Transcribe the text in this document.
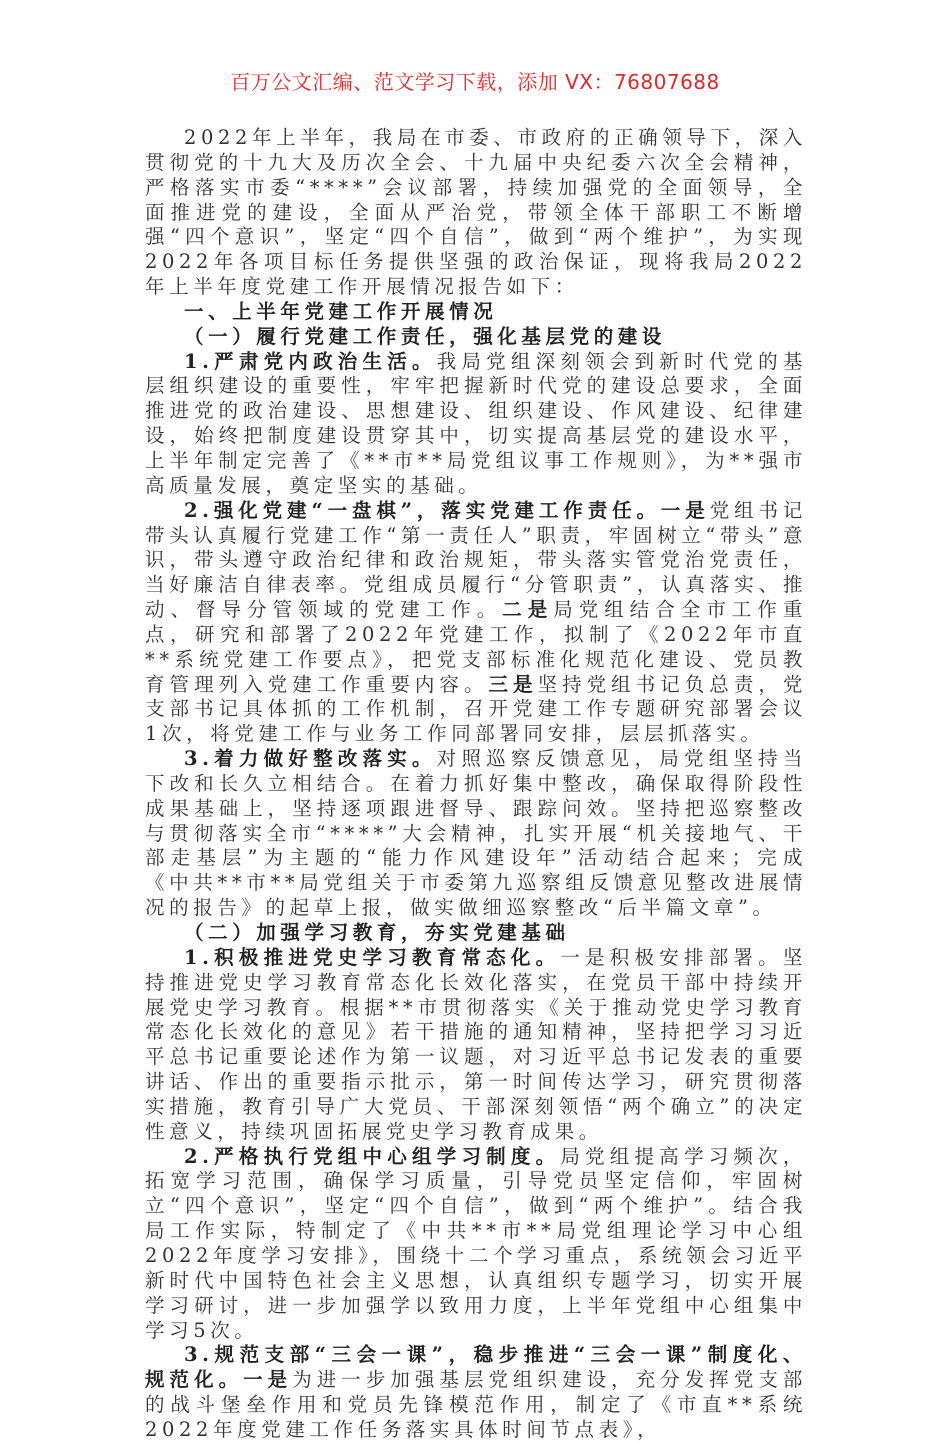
百万公文汇编、范文学习下载，添加 VX：76807688

2022年上半年，我局在市委、市政府的正确领导下，深入贯彻党的十九大及历次全会、十九届中央纪委六次全会精神，严格落实市委“****”会议部署，持续加强党的全面领导，全面推进党的建设，全面从严治党，带领全体干部职工不断增强“四个意识”，坚定“四个自信”，做到“两个维护”，为实现2022年各项目标任务提供坚强的政治保证，现将我局2022年上半年度党建工作开展情况报告如下：

一、上半年党建工作开展情况

（一）履行党建工作责任，强化基层党的建设

1.严肃党内政治生活。我局党组深刻领会到新时代党的基层组织建设的重要性，牢牢把握新时代党的建设总要求，全面推进党的政治建设、思想建设、组织建设、作风建设、纪律建设，始终把制度建设贯穿其中，切实提高基层党的建设水平，上半年制定完善了《**市**局党组议事工作规则》，为**强市高质量发展，奠定坚实的基础。

2.强化党建“一盘棋”，落实党建工作责任。一是党组书记带头认真履行党建工作“第一责任人”职责，牢固树立“带头”意识，带头遵守政治纪律和政治规矩，带头落实管党治党责任，当好廉洁自律表率。党组成员履行“分管职责”，认真落实、推动、督导分管领域的党建工作。二是局党组结合全市工作重点，研究和部署了2022年党建工作，拟制了《2022年市直**系统党建工作要点》，把党支部标准化规范化建设、党员教育管理列入党建工作重要内容。三是坚持党组书记负总责，党支部书记具体抓的工作机制，召开党建工作专题研究部署会议1次，将党建工作与业务工作同部署同安排，层层抓落实。

3.着力做好整改落实。对照巡察反馈意见，局党组坚持当下改和长久立相结合。在着力抓好集中整改，确保取得阶段性成果基础上，坚持逐项跟进督导、跟踪问效。坚持把巡察整改与贯彻落实全市“****”大会精神，扎实开展“机关接地气、干部走基层”为主题的“能力作风建设年”活动结合起来；完成《中共**市**局党组关于市委第九巡察组反馈意见整改进展情况的报告》的起草上报，做实做细巡察整改“后半篇文章”。

（二）加强学习教育，夯实党建基础

1.积极推进党史学习教育常态化。一是积极安排部署。坚持推进党史学习教育常态化长效化落实，在党员干部中持续开展党史学习教育。根据**市贯彻落实《关于推动党史学习教育常态化长效化的意见》若干措施的通知精神，坚持把学习习近平总书记重要论述作为第一议题，对习近平总书记发表的重要讲话、作出的重要指示批示，第一时间传达学习，研究贯彻落实措施，教育引导广大党员、干部深刻领悟“两个确立”的决定性意义，持续巩固拓展党史学习教育成果。

2.严格执行党组中心组学习制度。局党组提高学习频次，拓宽学习范围，确保学习质量，引导党员坚定信仰，牢固树立“四个意识”，坚定“四个自信”，做到“两个维护”。结合我局工作实际，特制定了《中共**市**局党组理论学习中心组2022年度学习安排》，围绕十二个学习重点，系统领会习近平新时代中国特色社会主义思想，认真组织专题学习，切实开展学习研讨，进一步加强学以致用力度，上半年党组中心组集中学习5次。

3.规范支部“三会一课”，稳步推进“三会一课”制度化、规范化。一是为进一步加强基层党组织建设，充分发挥党支部的战斗堡垒作用和党员先锋模范作用，制定了《市直**系统2022年度党建工作任务落实具体时间节点表》，
